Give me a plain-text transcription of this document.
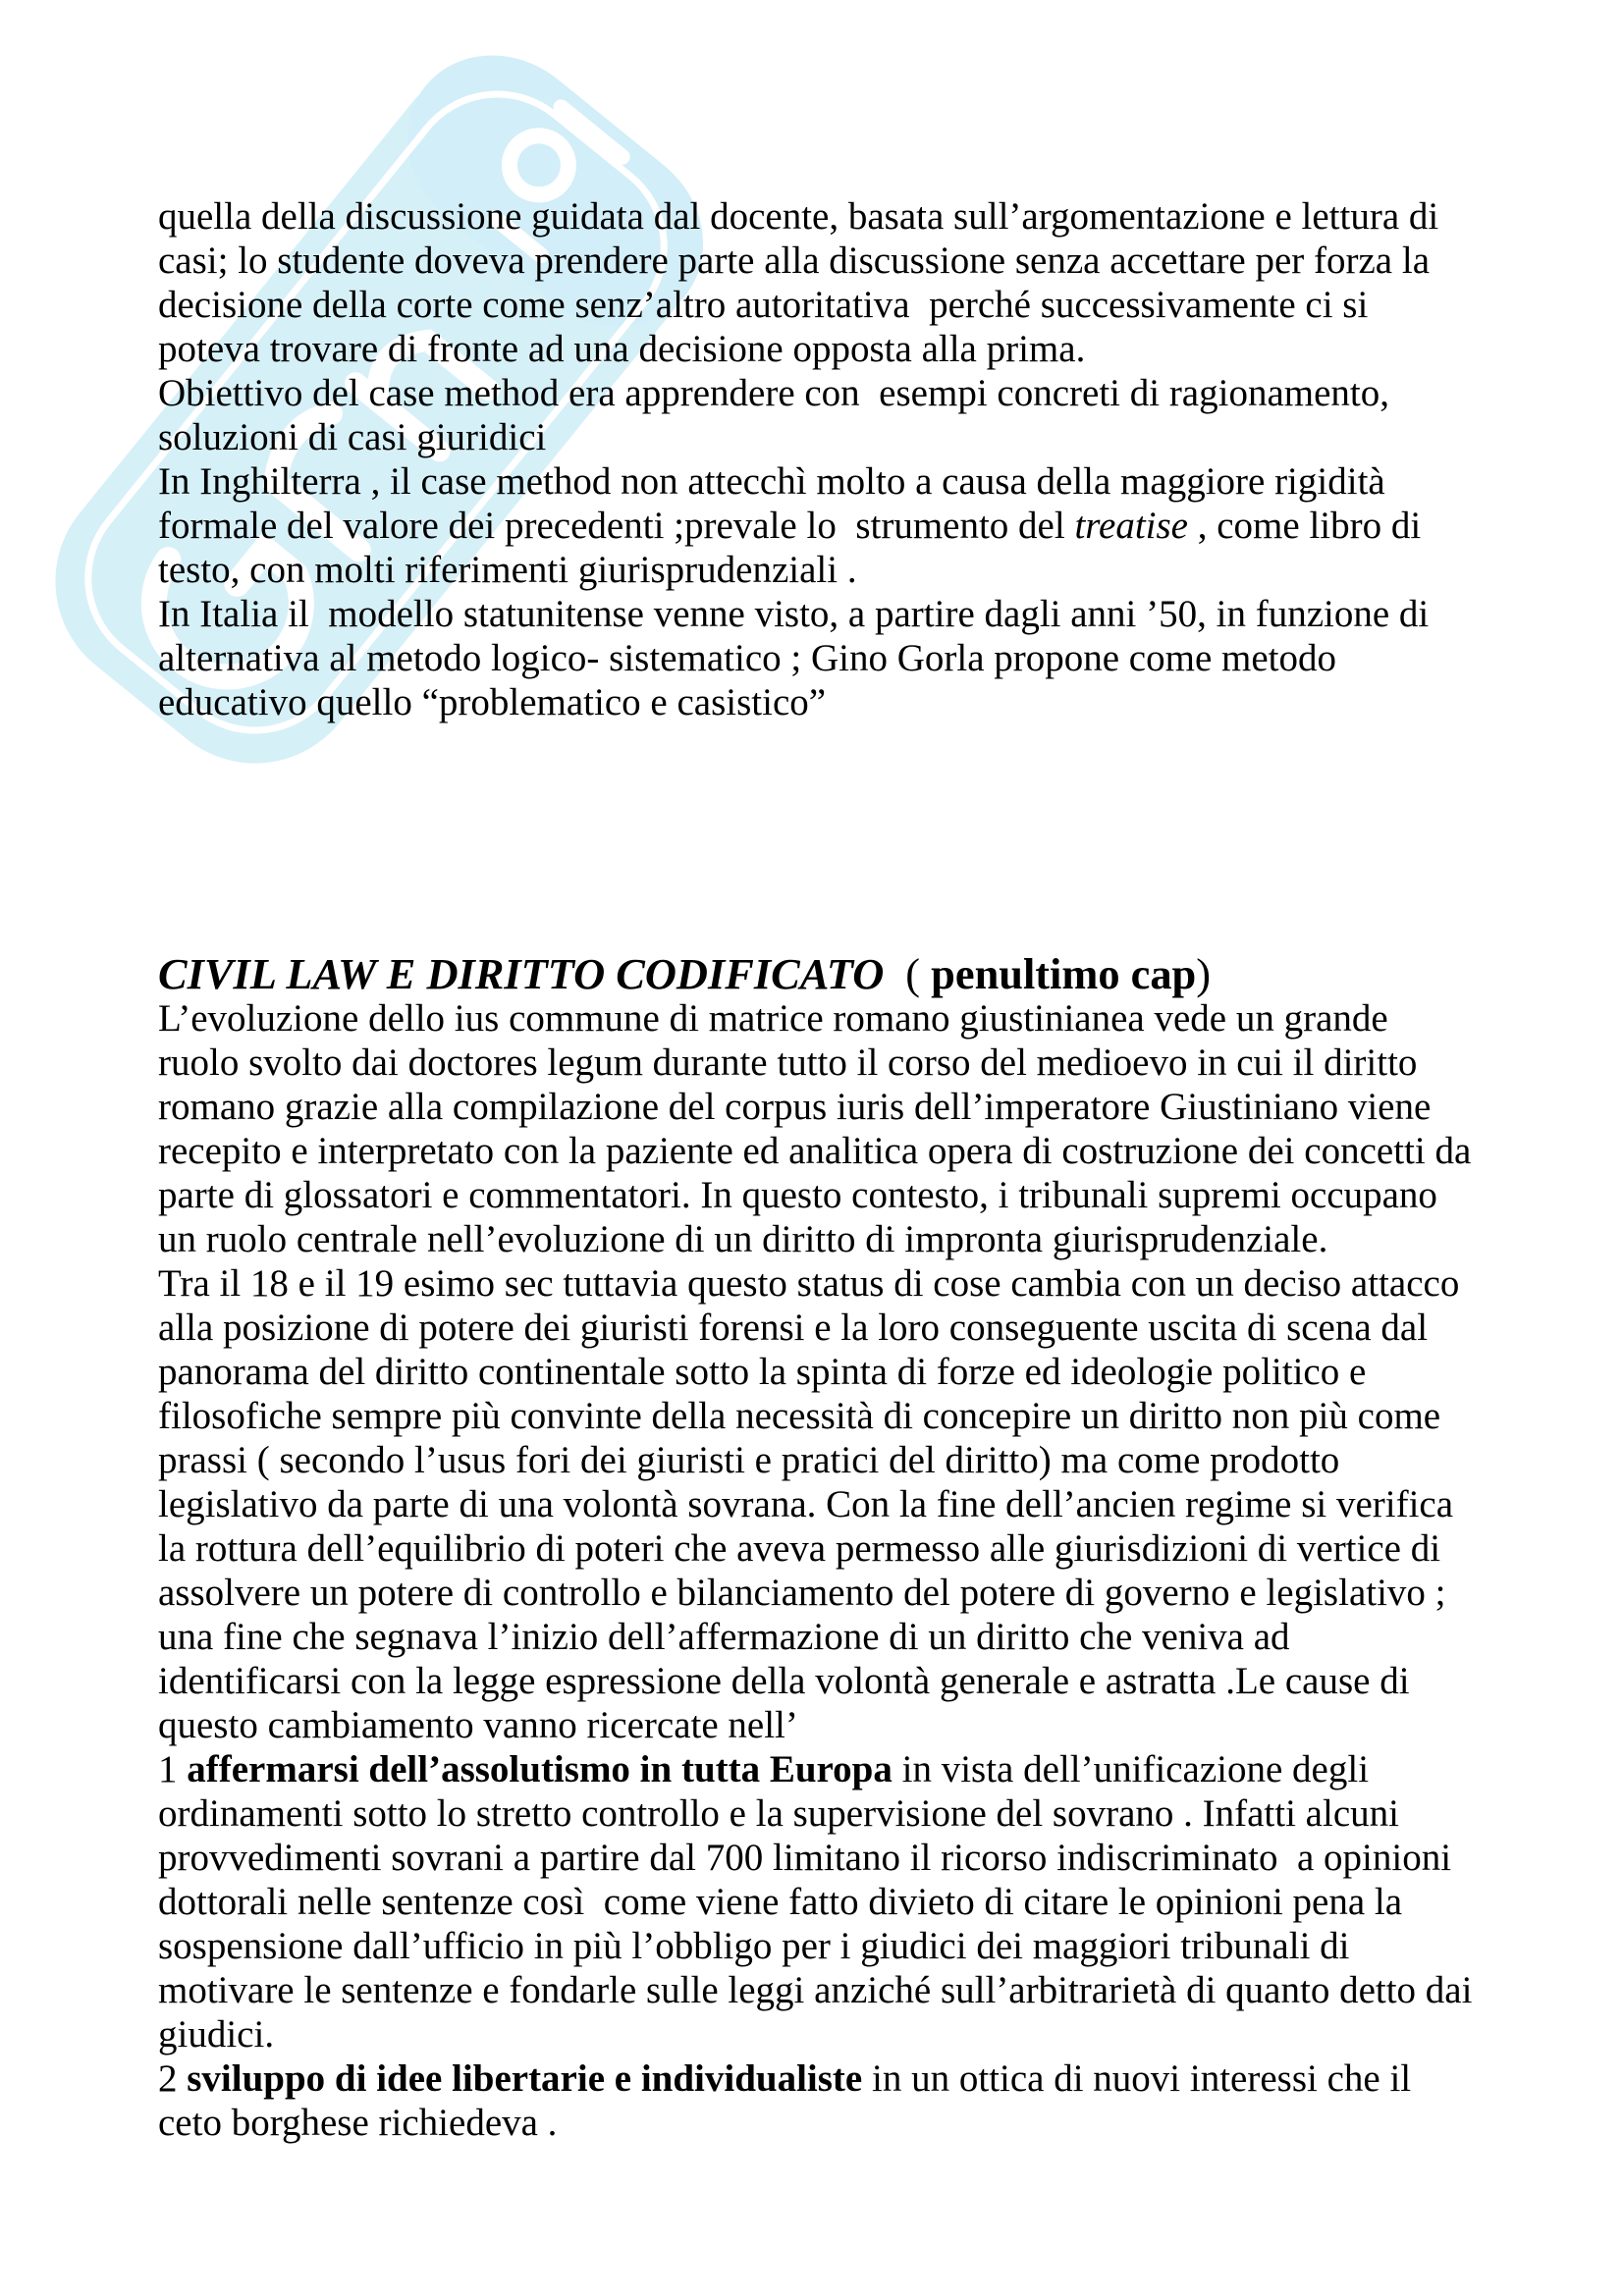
quella della discussione guidata dal docente, basata sull’argomentazione e lettura di
casi; lo studente doveva prendere parte alla discussione senza accettare per forza la
decisione della corte come senz’altro autoritativa  perché successivamente ci si
poteva trovare di fronte ad una decisione opposta alla prima.
Obiettivo del case method era apprendere con  esempi concreti di ragionamento,
soluzioni di casi giuridici
In Inghilterra , il case method non attecchì molto a causa della maggiore rigidità
formale del valore dei precedenti ;prevale lo  strumento del treatise , come libro di
testo, con molti riferimenti giurisprudenziali .
In Italia il  modello statunitense venne visto, a partire dagli anni ’50, in funzione di
alternativa al metodo logico- sistematico ; Gino Gorla propone come metodo
educativo quello “problematico e casistico”
CIVIL LAW E DIRITTO CODIFICATO ( penultimo cap)
L’evoluzione dello ius commune di matrice romano giustinianea vede un grande
ruolo svolto dai doctores legum durante tutto il corso del medioevo in cui il diritto
romano grazie alla compilazione del corpus iuris dell’imperatore Giustiniano viene
recepito e interpretato con la paziente ed analitica opera di costruzione dei concetti da
parte di glossatori e commentatori. In questo contesto, i tribunali supremi occupano
un ruolo centrale nell’evoluzione di un diritto di impronta giurisprudenziale.
Tra il 18 e il 19 esimo sec tuttavia questo status di cose cambia con un deciso attacco
alla posizione di potere dei giuristi forensi e la loro conseguente uscita di scena dal
panorama del diritto continentale sotto la spinta di forze ed ideologie politico e
filosofiche sempre più convinte della necessità di concepire un diritto non più come
prassi ( secondo l’usus fori dei giuristi e pratici del diritto) ma come prodotto
legislativo da parte di una volontà sovrana. Con la fine dell’ancien regime si verifica
la rottura dell’equilibrio di poteri che aveva permesso alle giurisdizioni di vertice di
assolvere un potere di controllo e bilanciamento del potere di governo e legislativo ;
una fine che segnava l’inizio dell’affermazione di un diritto che veniva ad
identificarsi con la legge espressione della volontà generale e astratta .Le cause di
questo cambiamento vanno ricercate nell’
1 affermarsi dell’assolutismo in tutta Europa in vista dell’unificazione degli
ordinamenti sotto lo stretto controllo e la supervisione del sovrano . Infatti alcuni
provvedimenti sovrani a partire dal 700 limitano il ricorso indiscriminato  a opinioni
dottorali nelle sentenze così  come viene fatto divieto di citare le opinioni pena la
sospensione dall’ufficio in più l’obbligo per i giudici dei maggiori tribunali di
motivare le sentenze e fondarle sulle leggi anziché sull’arbitrarietà di quanto detto dai
giudici.
2 sviluppo di idee libertarie e individualiste in un ottica di nuovi interessi che il
ceto borghese richiedeva .
